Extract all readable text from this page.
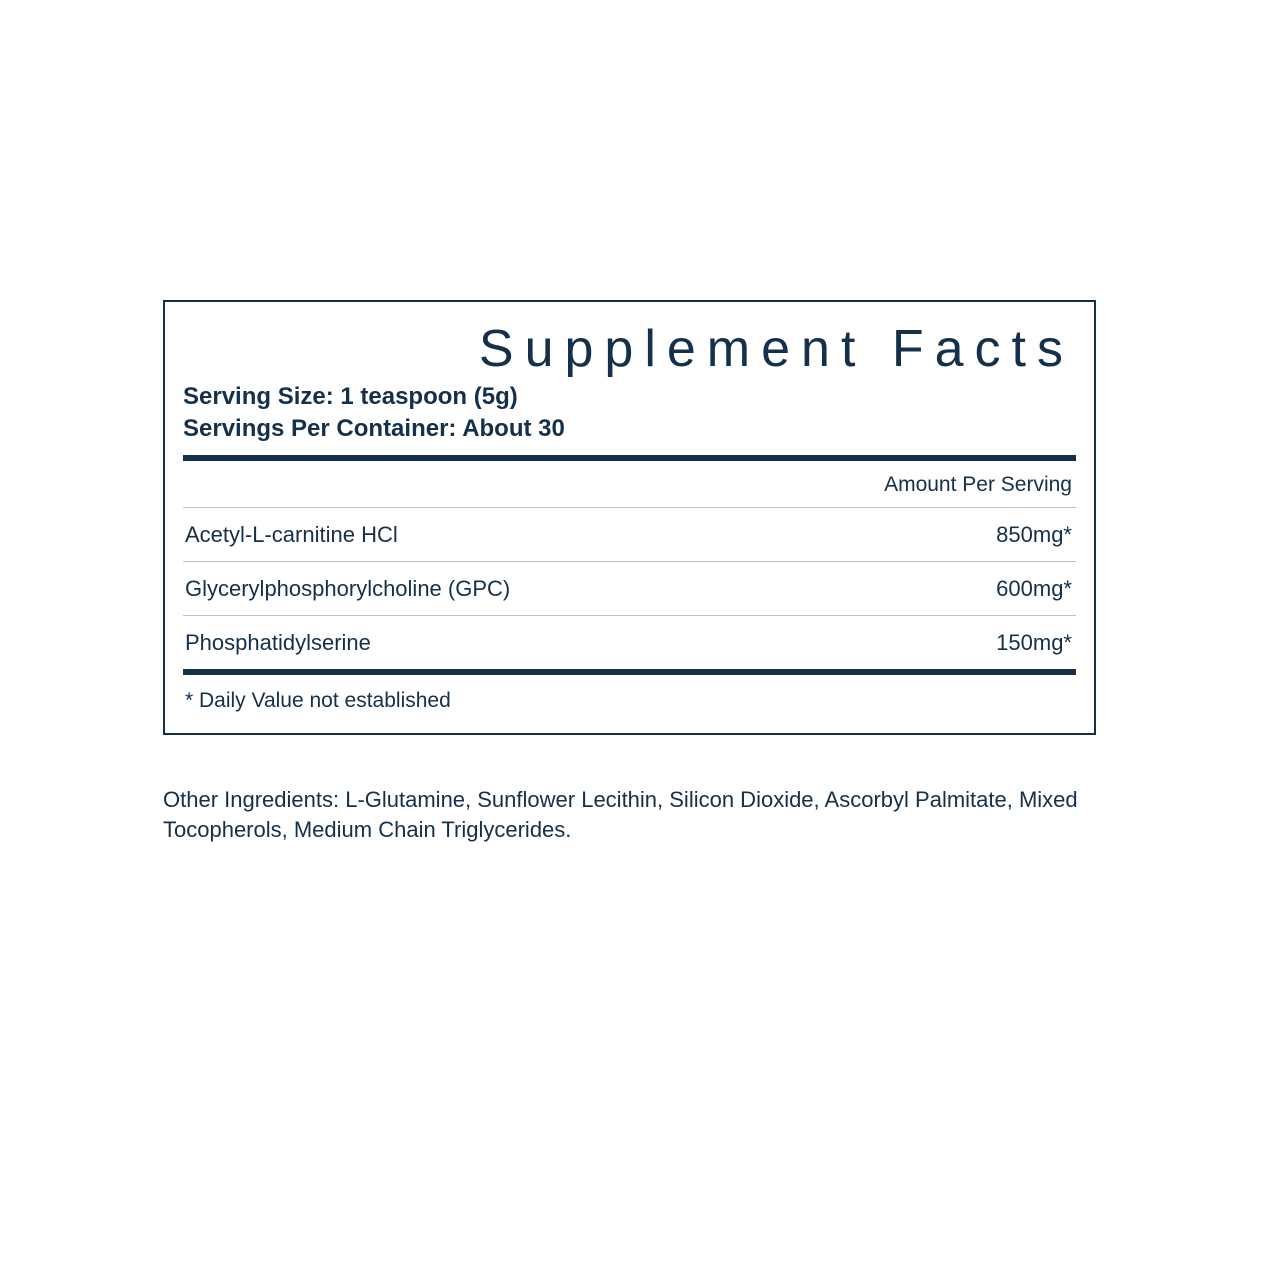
Supplement Facts
Serving Size: 1 teaspoon (5g)
Servings Per Container: About 30
Amount Per Serving
Acetyl-L-carnitine HCl	850mg*
Glycerylphosphorylcholine (GPC)	600mg*
Phosphatidylserine	150mg*
* Daily Value not established
Other Ingredients: L-Glutamine, Sunflower Lecithin, Silicon Dioxide, Ascorbyl Palmitate, Mixed Tocopherols, Medium Chain Triglycerides.
